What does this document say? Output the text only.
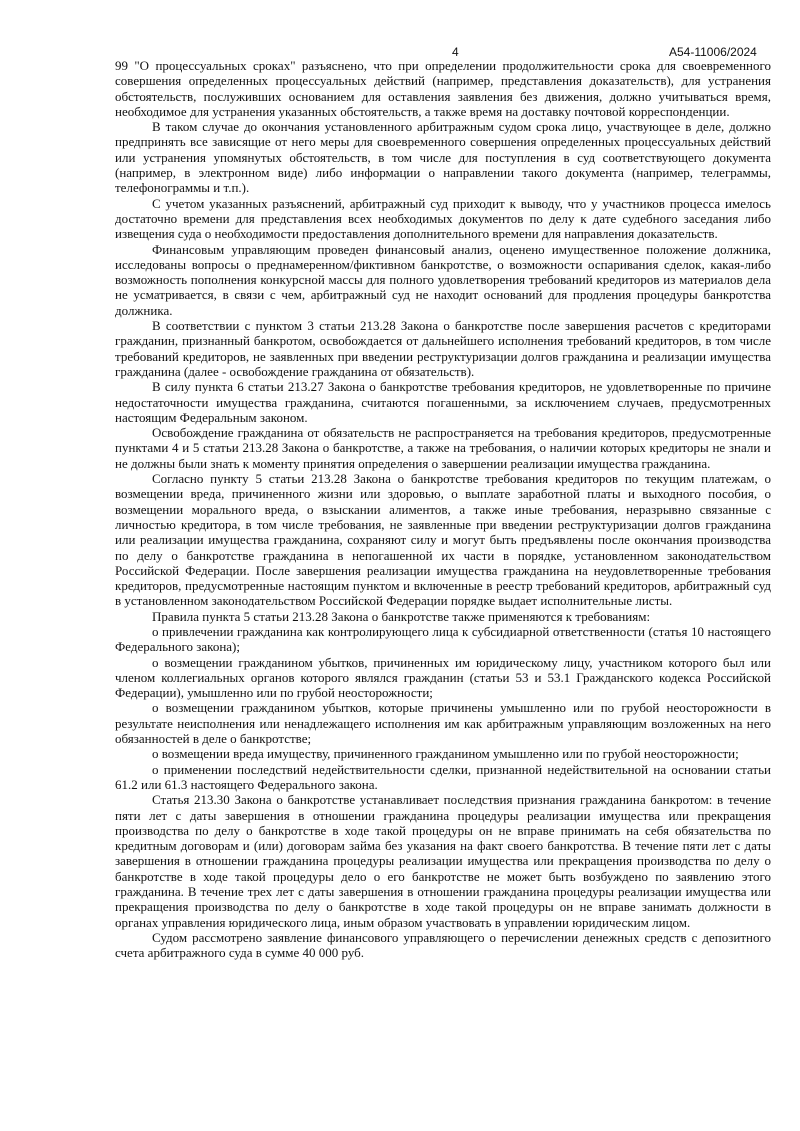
4	А54-11006/2024

99 "О процессуальных сроках" разъяснено, что при определении продолжительности срока для своевременного совершения определенных процессуальных действий (например, представления доказательств), для устранения обстоятельств, послуживших основанием для оставления заявления без движения, должно учитываться время, необходимое для устранения указанных обстоятельств, а также время на доставку почтовой корреспонденции.

В таком случае до окончания установленного арбитражным судом срока лицо, участвующее в деле, должно предпринять все зависящие от него меры для своевременного совершения определенных процессуальных действий или устранения упомянутых обстоятельств, в том числе для поступления в суд соответствующего документа (например, в электронном виде) либо информации о направлении такого документа (например, телеграммы, телефонограммы и т.п.).

С учетом указанных разъяснений, арбитражный суд приходит к выводу, что у участников процесса имелось достаточно времени для представления всех необходимых документов по делу к дате судебного заседания либо извещения суда о необходимости предоставления дополнительного времени для направления доказательств.

Финансовым управляющим проведен финансовый анализ, оценено имущественное положение должника, исследованы вопросы о преднамеренном/фиктивном банкротстве, о возможности оспаривания сделок, какая-либо возможность пополнения конкурсной массы для полного удовлетворения требований кредиторов из материалов дела не усматривается, в связи с чем, арбитражный суд не находит оснований для продления процедуры банкротства должника.

В соответствии с пунктом 3 статьи 213.28 Закона о банкротстве после завершения расчетов с кредиторами гражданин, признанный банкротом, освобождается от дальнейшего исполнения требований кредиторов, в том числе требований кредиторов, не заявленных при введении реструктуризации долгов гражданина и реализации имущества гражданина (далее - освобождение гражданина от обязательств).

В силу пункта 6 статьи 213.27 Закона о банкротстве требования кредиторов, не удовлетворенные по причине недостаточности имущества гражданина, считаются погашенными, за исключением случаев, предусмотренных настоящим Федеральным законом.

Освобождение гражданина от обязательств не распространяется на требования кредиторов, предусмотренные пунктами 4 и 5 статьи 213.28 Закона о банкротстве, а также на требования, о наличии которых кредиторы не знали и не должны были знать к моменту принятия определения о завершении реализации имущества гражданина.

Согласно пункту 5 статьи 213.28 Закона о банкротстве требования кредиторов по текущим платежам, о возмещении вреда, причиненного жизни или здоровью, о выплате заработной платы и выходного пособия, о возмещении морального вреда, о взыскании алиментов, а также иные требования, неразрывно связанные с личностью кредитора, в том числе требования, не заявленные при введении реструктуризации долгов гражданина или реализации имущества гражданина, сохраняют силу и могут быть предъявлены после окончания производства по делу о банкротстве гражданина в непогашенной их части в порядке, установленном законодательством Российской Федерации. После завершения реализации имущества гражданина на неудовлетворенные требования кредиторов, предусмотренные настоящим пунктом и включенные в реестр требований кредиторов, арбитражный суд в установленном законодательством Российской Федерации порядке выдает исполнительные листы.

Правила пункта 5 статьи 213.28 Закона о банкротстве также применяются к требованиям:

о привлечении гражданина как контролирующего лица к субсидиарной ответственности (статья 10 настоящего Федерального закона);

о возмещении гражданином убытков, причиненных им юридическому лицу, участником которого был или членом коллегиальных органов которого являлся гражданин (статьи 53 и 53.1 Гражданского кодекса Российской Федерации), умышленно или по грубой неосторожности;

о возмещении гражданином убытков, которые причинены умышленно или по грубой неосторожности в результате неисполнения или ненадлежащего исполнения им как арбитражным управляющим возложенных на него обязанностей в деле о банкротстве;

о возмещении вреда имуществу, причиненного гражданином умышленно или по грубой неосторожности;

о применении последствий недействительности сделки, признанной недействительной на основании статьи 61.2 или 61.3 настоящего Федерального закона.

Статья 213.30 Закона о банкротстве устанавливает последствия признания гражданина банкротом: в течение пяти лет с даты завершения в отношении гражданина процедуры реализации имущества или прекращения производства по делу о банкротстве в ходе такой процедуры он не вправе принимать на себя обязательства по кредитным договорам и (или) договорам займа без указания на факт своего банкротства. В течение пяти лет с даты завершения в отношении гражданина процедуры реализации имущества или прекращения производства по делу о банкротстве в ходе такой процедуры дело о его банкротстве не может быть возбуждено по заявлению этого гражданина. В течение трех лет с даты завершения в отношении гражданина процедуры реализации имущества или прекращения производства по делу о банкротстве в ходе такой процедуры он не вправе занимать должности в органах управления юридического лица, иным образом участвовать в управлении юридическим лицом.

Судом рассмотрено заявление финансового управляющего о перечислении денежных средств с депозитного счета арбитражного суда в сумме 40 000 руб.
